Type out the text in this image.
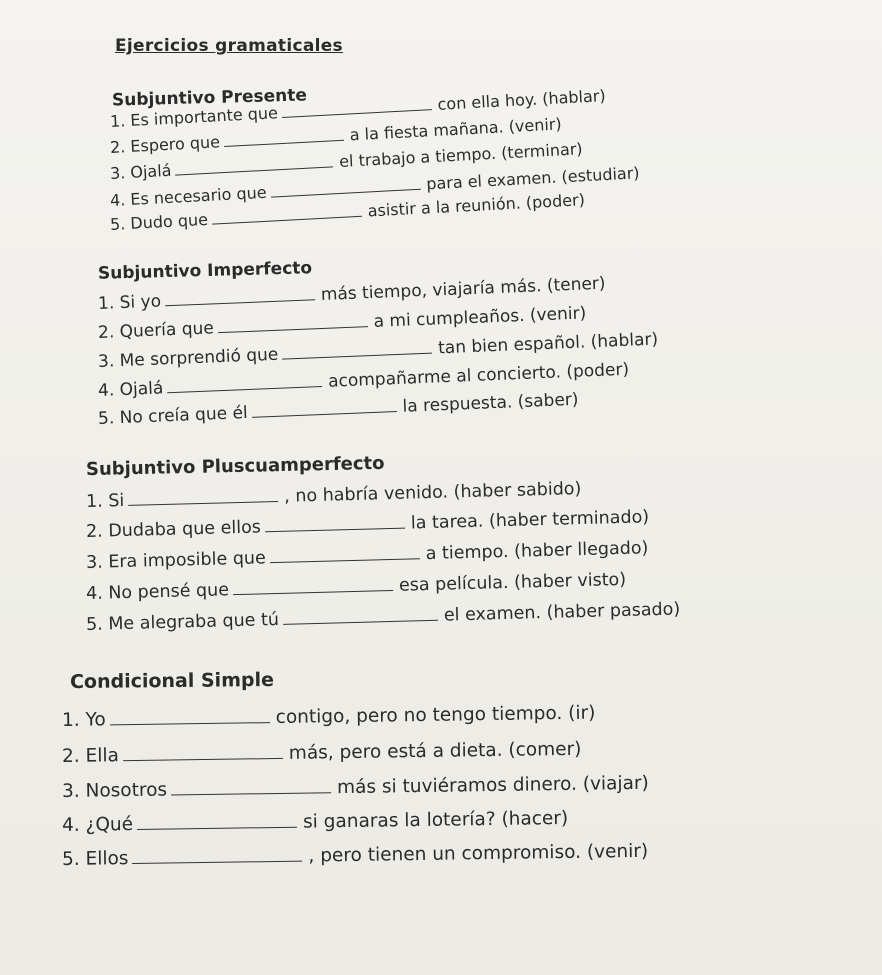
Ejercicios gramaticales
Subjuntivo Presente
1. Es importante quecon ella hoy. (hablar)
2. Espero quea la fiesta mañana. (venir)
3. Ojaláel trabajo a tiempo. (terminar)
4. Es necesario quepara el examen. (estudiar)
5. Dudo queasistir a la reunión. (poder)
Subjuntivo Imperfecto
1. Si yo	más tiempo, viajaría más. (tener)
2. Quería que	a mi cumpleaños. (venir)
3. Me sorprendió quetan bien español. (hablar)
4. Ojalá	acompañarme al concierto. (poder)
5. No creía que él	la respuesta. (saber)
Subjuntivo Pluscuamperfecto
1. Si	, no habría venido. (haber sabido)
2. Dudaba que ellos	la tarea. (haber terminado)
3. Era imposible que	a tiempo. (haber llegado)
4. No pensé que	esa película. (haber visto)
5. Me alegraba que tú	el examen. (haber pasado)
Condicional Simple
1. Yo	contigo, pero no tengo tiempo. (ir)
2. Ella	más, pero está a dieta. (comer)
3. Nosotros	más si tuviéramos dinero. (viajar)
4. ¿Qué	si ganaras la lotería? (hacer)
5. Ellos	, pero tienen un compromiso. (venir)
